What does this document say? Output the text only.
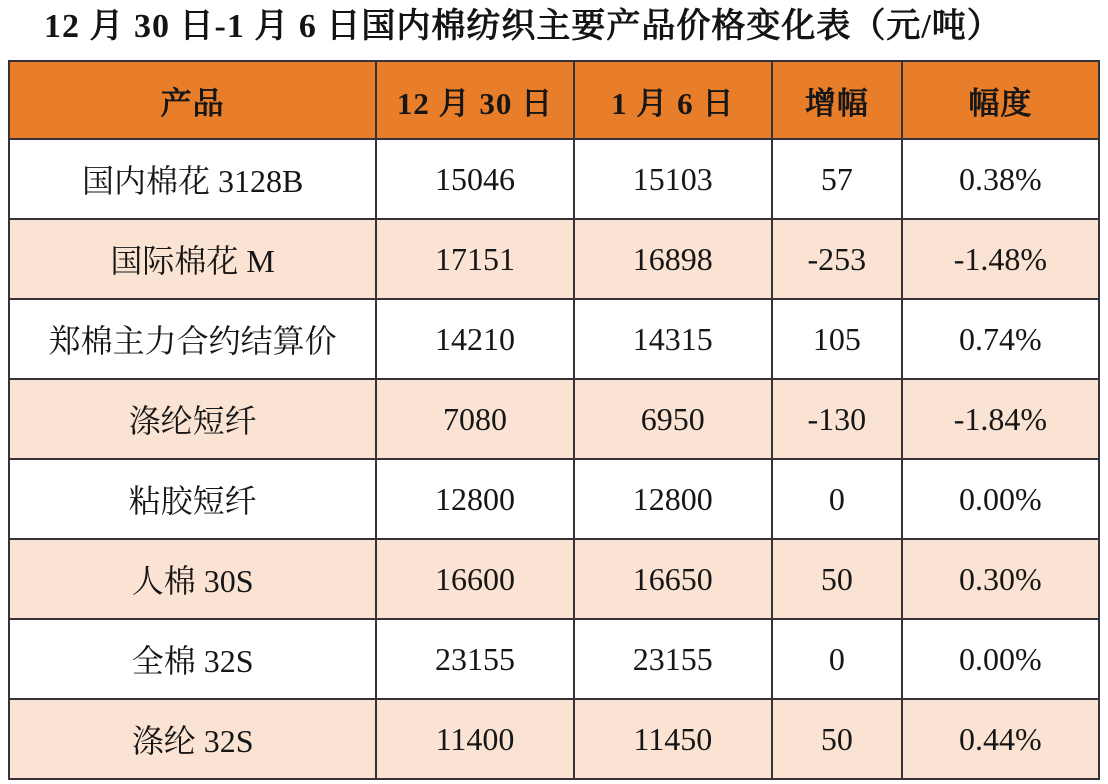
12 月 30 日-1 月 6 日国内棉纺织主要产品价格变化表（元/吨）
产品	12 月 30 日	1 月 6 日	增幅	幅度
国内棉花 3128B	15046	15103	57	0.38%
国际棉花 M	17151	16898	-253	-1.48%
郑棉主力合约结算价	14210	14315	105	0.74%
涤纶短纤	7080	6950	-130	-1.84%
粘胶短纤	12800	12800	0	0.00%
人棉 30S	16600	16650	50	0.30%
全棉 32S	23155	23155	0	0.00%
涤纶 32S	11400	11450	50	0.44%
